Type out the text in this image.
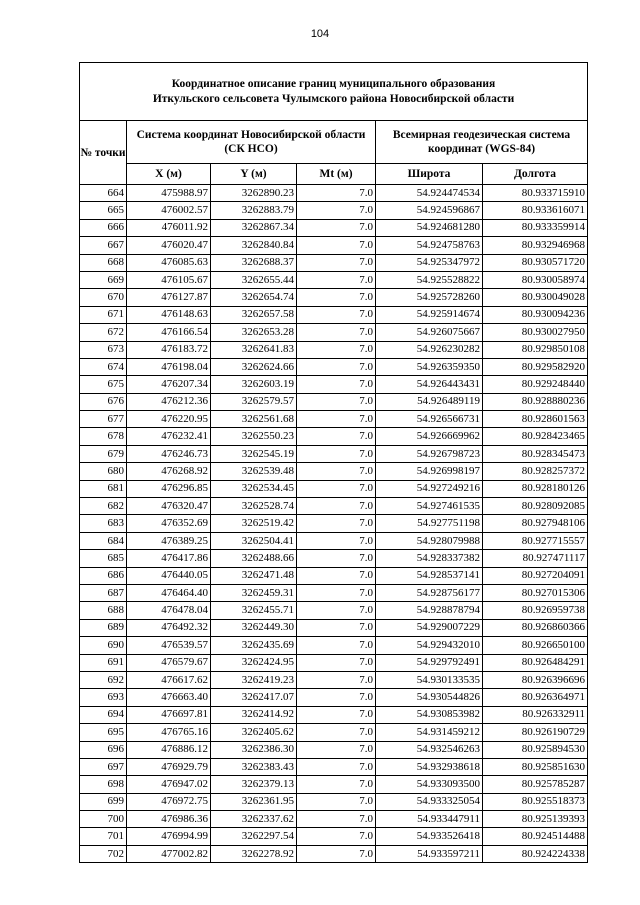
104
Координатное описание границ муниципального образования
Иткульского сельсовета Чулымского района Новосибирской области					

№ точки	Система координат Новосибирской области (СК НСО)			Всемирная геодезическая система координат (WGS-84)	
	X (м)	Y (м)	Mt (м)	Широта	Долгота
664	475988.97	3262890.23	7.0	54.924474534	80.933715910
665	476002.57	3262883.79	7.0	54.924596867	80.933616071
666	476011.92	3262867.34	7.0	54.924681280	80.933359914
667	476020.47	3262840.84	7.0	54.924758763	80.932946968
668	476085.63	3262688.37	7.0	54.925347972	80.930571720
669	476105.67	3262655.44	7.0	54.925528822	80.930058974
670	476127.87	3262654.74	7.0	54.925728260	80.930049028
671	476148.63	3262657.58	7.0	54.925914674	80.930094236
672	476166.54	3262653.28	7.0	54.926075667	80.930027950
673	476183.72	3262641.83	7.0	54.926230282	80.929850108
674	476198.04	3262624.66	7.0	54.926359350	80.929582920
675	476207.34	3262603.19	7.0	54.926443431	80.929248440
676	476212.36	3262579.57	7.0	54.926489119	80.928880236
677	476220.95	3262561.68	7.0	54.926566731	80.928601563
678	476232.41	3262550.23	7.0	54.926669962	80.928423465
679	476246.73	3262545.19	7.0	54.926798723	80.928345473
680	476268.92	3262539.48	7.0	54.926998197	80.928257372
681	476296.85	3262534.45	7.0	54.927249216	80.928180126
682	476320.47	3262528.74	7.0	54.927461535	80.928092085
683	476352.69	3262519.42	7.0	54.927751198	80.927948106
684	476389.25	3262504.41	7.0	54.928079988	80.927715557
685	476417.86	3262488.66	7.0	54.928337382	80.927471117
686	476440.05	3262471.48	7.0	54.928537141	80.927204091
687	476464.40	3262459.31	7.0	54.928756177	80.927015306
688	476478.04	3262455.71	7.0	54.928878794	80.926959738
689	476492.32	3262449.30	7.0	54.929007229	80.926860366
690	476539.57	3262435.69	7.0	54.929432010	80.926650100
691	476579.67	3262424.95	7.0	54.929792491	80.926484291
692	476617.62	3262419.23	7.0	54.930133535	80.926396696
693	476663.40	3262417.07	7.0	54.930544826	80.926364971
694	476697.81	3262414.92	7.0	54.930853982	80.926332911
695	476765.16	3262405.62	7.0	54.931459212	80.926190729
696	476886.12	3262386.30	7.0	54.932546263	80.925894530
697	476929.79	3262383.43	7.0	54.932938618	80.925851630
698	476947.02	3262379.13	7.0	54.933093500	80.925785287
699	476972.75	3262361.95	7.0	54.933325054	80.925518373
700	476986.36	3262337.62	7.0	54.933447911	80.925139393
701	476994.99	3262297.54	7.0	54.933526418	80.924514488
702	477002.82	3262278.92	7.0	54.933597211	80.924224338
